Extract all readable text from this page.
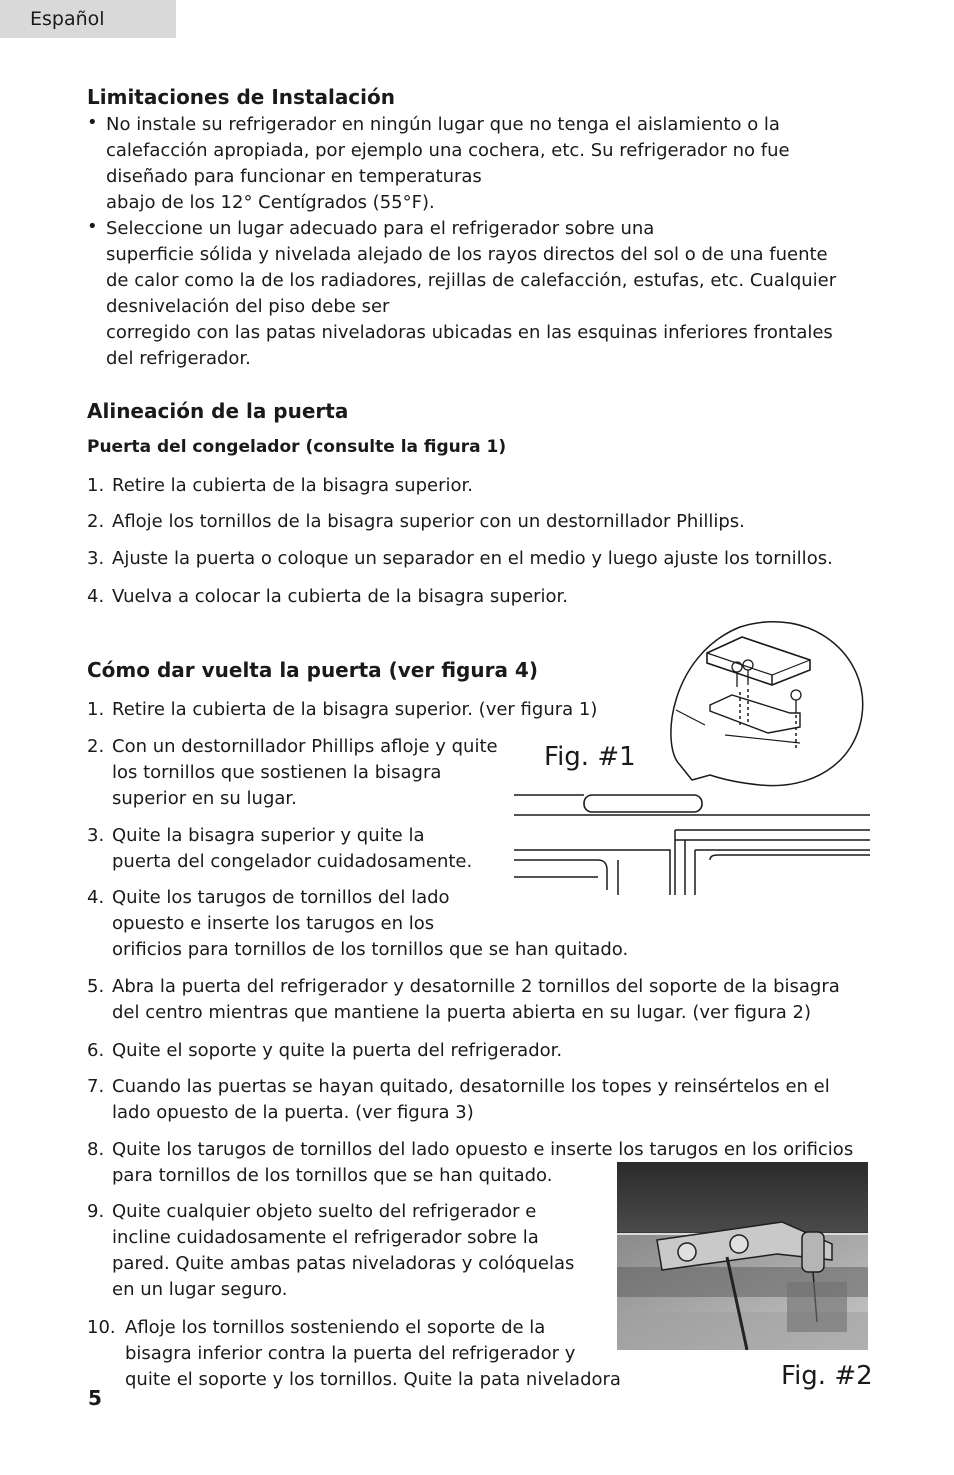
Español
Limitaciones de Instalación
• No instale su refrigerador en ningún lugar que no tenga el aislamiento o la
calefacción apropiada, por ejemplo una cochera, etc. Su refrigerador no fue
diseñado para funcionar en temperaturas
abajo de los 12° Centígrados (55°F).
• Seleccione un lugar adecuado para el refrigerador sobre una
superficie sólida y nivelada alejado de los rayos directos del sol o de una fuente
de calor como la de los radiadores, rejillas de calefacción, estufas, etc. Cualquier
desnivelación del piso debe ser
corregido con las patas niveladoras ubicadas en las esquinas inferiores frontales
del refrigerador.
Alineación de la puerta
Puerta del congelador (consulte la figura 1)
1. Retire la cubierta de la bisagra superior.
2. Afloje los tornillos de la bisagra superior con un destornillador Phillips.
3. Ajuste la puerta o coloque un separador en el medio y luego ajuste los tornillos.
4. Vuelva a colocar la cubierta de la bisagra superior.
Cómo dar vuelta la puerta (ver figura 4)
1. Retire la cubierta de la bisagra superior. (ver figura 1)
2. Con un destornillador Phillips afloje y quite
los tornillos que sostienen la bisagra
superior en su lugar.
3. Quite la bisagra superior y quite la
puerta del congelador cuidadosamente.
4. Quite los tarugos de tornillos del lado
opuesto e inserte los tarugos en los
orificios para tornillos de los tornillos que se han quitado.
5. Abra la puerta del refrigerador y desatornille 2 tornillos del soporte de la bisagra
del centro mientras que mantiene la puerta abierta en su lugar. (ver figura 2)
6. Quite el soporte y quite la puerta del refrigerador.
7. Cuando las puertas se hayan quitado, desatornille los topes y reinsértelos en el
lado opuesto de la puerta. (ver figura 3)
8. Quite los tarugos de tornillos del lado opuesto e inserte los tarugos en los orificios
para tornillos de los tornillos que se han quitado.
9. Quite cualquier objeto suelto del refrigerador e
incline cuidadosamente el refrigerador sobre la
pared. Quite ambas patas niveladoras y colóquelas
en un lugar seguro.
10. Afloje los tornillos sosteniendo el soporte de la
bisagra inferior contra la puerta del refrigerador y
quite el soporte y los tornillos. Quite la pata niveladora
Fig. #1
Fig. #2
5
